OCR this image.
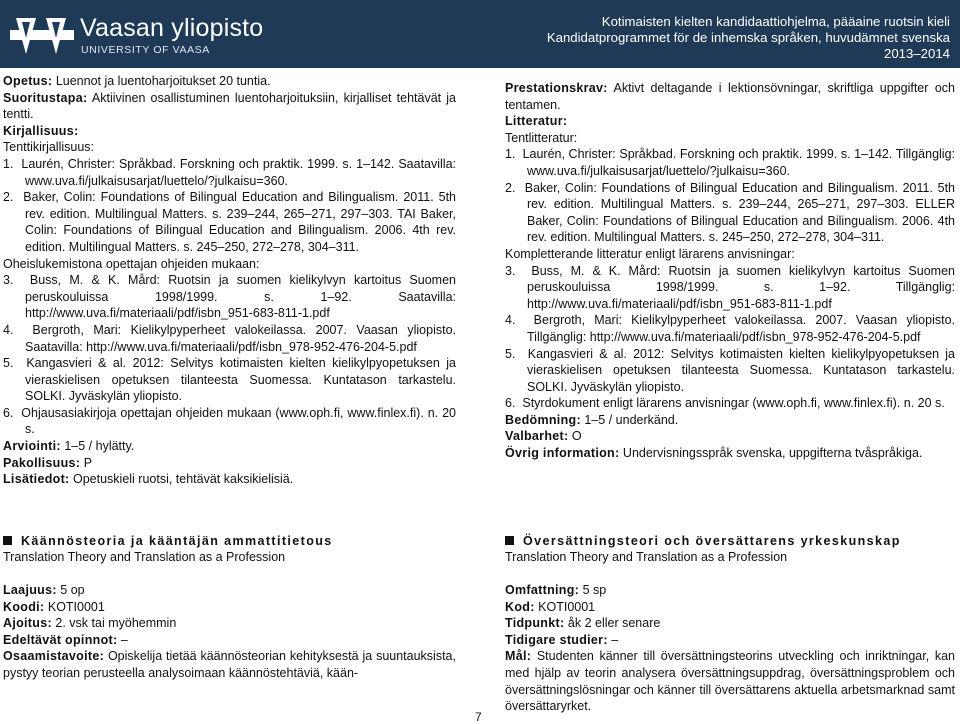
Vaasan yliopisto
UNIVERSITY OF VAASA
Kotimaisten kielten kandidaattiohjelma, pääaine ruotsin kieli
Kandidatprogrammet för de inhemska språken, huvudämnet svenska
2013–2014

Opetus: Luennot ja luentoharjoitukset 20 tuntia.

Suoritustapa: Aktiivinen osallistuminen luentoharjoituksiin, kirjalliset tehtävät ja tentti.

Kirjallisuus:

Tenttikirjallisuus:

1.  Laurén, Christer: Språkbad. Forskning och praktik. 1999. s. 1–142. Saatavilla: www.uva.fi/julkaisusarjat/luettelo/?julkaisu=360.

2.  Baker, Colin: Foundations of Bilingual Education and Bilingualism. 2011. 5th rev. edition. Multilingual Matters. s. 239–244, 265–271, 297–303. TAI Baker, Colin: Foundations of Bilingual Education and Bilingualism. 2006. 4th rev. edition. Multilingual Matters. s. 245–250, 272–278, 304–311.

Oheislukemistona opettajan ohjeiden mukaan:

3.  Buss, M. & K. Mård: Ruotsin ja suomen kielikylvyn kartoitus Suomen peruskouluissa 1998/1999. s. 1–92. Saatavilla: http://www.uva.fi/materiaali/pdf/isbn_951-683-811-1.pdf

4.  Bergroth, Mari: Kielikylpyperheet valokeilassa. 2007. Vaasan yliopisto. Saatavilla: http://www.uva.fi/materiaali/pdf/isbn_978-952-476-204-5.pdf

5.  Kangasvieri & al. 2012: Selvitys kotimaisten kielten kielikylpyopetuksen ja vieraskielisen opetuksen tilanteesta Suomessa. Kuntatason tarkastelu. SOLKI. Jyväskylän yliopisto.

6.  Ohjausasiakirjoja opettajan ohjeiden mukaan (www.oph.fi, www.finlex.fi). n. 20 s.

Arviointi: 1–5 / hylätty.

Pakollisuus: P

Lisätiedot: Opetuskieli ruotsi, tehtävät kaksikielisiä.

Prestationskrav: Aktivt deltagande i lektionsövningar, skriftliga uppgifter och tentamen.

Litteratur:

Tentlitteratur:

1.  Laurén, Christer: Språkbad. Forskning och praktik. 1999. s. 1–142. Tillgänglig: www.uva.fi/julkaisusarjat/luettelo/?julkaisu=360.

2.  Baker, Colin: Foundations of Bilingual Education and Bilingualism. 2011. 5th rev. edition. Multilingual Matters. s. 239–244, 265–271, 297–303. ELLER Baker, Colin: Foundations of Bilingual Education and Bilingualism. 2006. 4th rev. edition. Multilingual Matters. s. 245–250, 272–278, 304–311.

Kompletterande litteratur enligt lärarens anvisningar:

3.  Buss, M. & K. Mård: Ruotsin ja suomen kielikylvyn kartoitus Suomen peruskouluissa 1998/1999. s. 1–92. Tillgänglig: http://www.uva.fi/materiaali/pdf/isbn_951-683-811-1.pdf

4.  Bergroth, Mari: Kielikylpyperheet valokeilassa. 2007. Vaasan yliopisto. Tillgänglig: http://www.uva.fi/materiaali/pdf/isbn_978-952-476-204-5.pdf

5.  Kangasvieri & al. 2012: Selvitys kotimaisten kielten kielikylpyopetuksen ja vieraskielisen opetuksen tilanteesta Suomessa. Kuntatason tarkastelu. SOLKI. Jyväskylän yliopisto.

6.  Styrdokument enligt lärarens anvisningar (www.oph.fi, www.finlex.fi). n. 20 s.

Bedömning: 1–5 / underkänd.

Valbarhet: O

Övrig information: Undervisningsspråk svenska, uppgifterna tvåspråkiga.

Käännösteoria ja kääntäjän ammattitietous
Translation Theory and Translation as a Profession

Laajuus: 5 op

Koodi: KOTI0001

Ajoitus: 2. vsk tai myöhemmin

Edeltävät opinnot: –

Osaamistavoite: Opiskelija tietää käännösteorian kehityksestä ja suuntauksista, pystyy teorian perusteella analysoimaan käännöstehtäviä, kään-

Översättningsteori och översättarens yrkeskunskap
Translation Theory and Translation as a Profession

Omfattning: 5 sp

Kod: KOTI0001

Tidpunkt: åk 2 eller senare

Tidigare studier: –

Mål: Studenten känner till översättningsteorins utveckling och inriktningar, kan med hjälp av teorin analysera översättningsuppdrag, översättningsproblem och översättningslösningar och känner till översättarens aktuella arbetsmarknad samt översättaryrket.

7
